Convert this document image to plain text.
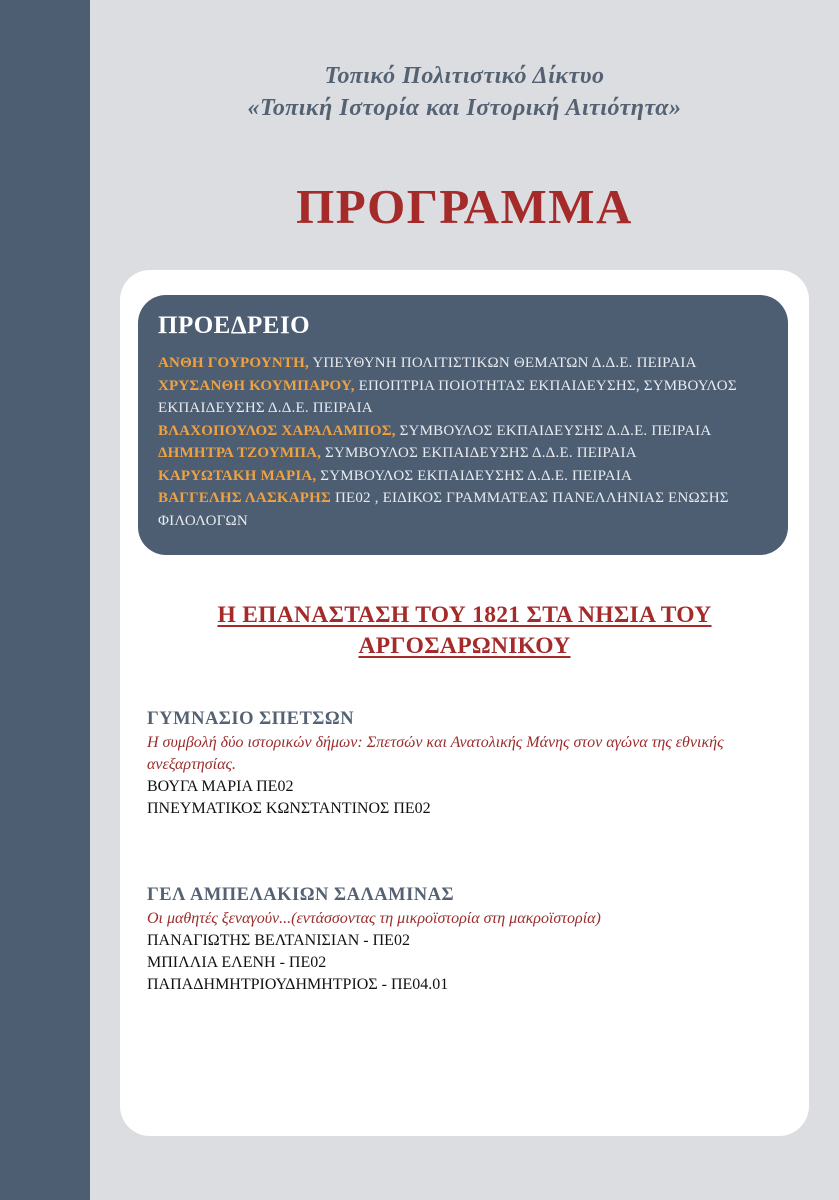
Τοπικό Πολιτιστικό Δίκτυο
«Τοπική Ιστορία και Ιστορική Αιτιότητα»
ΠΡΟΓΡΑΜΜΑ
ΠΡΟΕΔΡΕΙΟ
ΑΝΘΗ ΓΟΥΡΟΥΝΤΗ, ΥΠΕΥΘΥΝΗ ΠΟΛΙΤΙΣΤΙΚΩΝ ΘΕΜΑΤΩΝ Δ.Δ.Ε. ΠΕΙΡΑΙΑ
ΧΡΥΣΑΝΘΗ ΚΟΥΜΠΑΡΟΥ, ΕΠΟΠΤΡΙΑ ΠΟΙΟΤΗΤΑΣ ΕΚΠΑΙΔΕΥΣΗΣ, ΣΥΜΒΟΥΛΟΣ ΕΚΠΑΙΔΕΥΣΗΣ Δ.Δ.Ε. ΠΕΙΡΑΙΑ
ΒΛΑΧΟΠΟΥΛΟΣ ΧΑΡΑΛΑΜΠΟΣ, ΣΥΜΒΟΥΛΟΣ ΕΚΠΑΙΔΕΥΣΗΣ Δ.Δ.Ε. ΠΕΙΡΑΙΑ
ΔΗΜΗΤΡΑ ΤΖΟΥΜΠΑ, ΣΥΜΒΟΥΛΟΣ ΕΚΠΑΙΔΕΥΣΗΣ Δ.Δ.Ε. ΠΕΙΡΑΙΑ
ΚΑΡΥΩΤΑΚΗ ΜΑΡΙΑ, ΣΥΜΒΟΥΛΟΣ ΕΚΠΑΙΔΕΥΣΗΣ Δ.Δ.Ε. ΠΕΙΡΑΙΑ
ΒΑΓΓΕΛΗΣ ΛΑΣΚΑΡΗΣ ΠΕ02 , ΕΙΔΙΚΟΣ ΓΡΑΜΜΑΤΕΑΣ ΠΑΝΕΛΛΗΝΙΑΣ ΕΝΩΣΗΣ ΦΙΛΟΛΟΓΩΝ
Η ΕΠΑΝΑΣΤΑΣΗ ΤΟΥ 1821 ΣΤΑ ΝΗΣΙΑ ΤΟΥ
ΑΡΓΟΣΑΡΩΝΙΚΟΥ
ΓΥΜΝΑΣΙΟ ΣΠΕΤΣΩΝ
Η συμβολή δύο ιστορικών δήμων: Σπετσών και Ανατολικής Μάνης στον αγώνα της εθνικής ανεξαρτησίας.
ΒΟΥΓΑ ΜΑΡΙΑ ΠΕ02
ΠΝΕΥΜΑΤΙΚΟΣ ΚΩΝΣΤΑΝΤΙΝΟΣ ΠΕ02
ΓΕΛ ΑΜΠΕΛΑΚΙΩΝ ΣΑΛΑΜΙΝΑΣ
Οι μαθητές ξεναγούν...(εντάσσοντας τη μικροϊστορία στη μακροϊστορία)
ΠΑΝΑΓΙΩΤΗΣ ΒΕΛΤΑΝΙΣΙΑΝ - ΠΕ02
ΜΠΙΛΛΙΑ ΕΛΕΝΗ - ΠΕ02
ΠΑΠΑΔΗΜΗΤΡΙΟΥΔΗΜΗΤΡΙΟΣ - ΠΕ04.01
